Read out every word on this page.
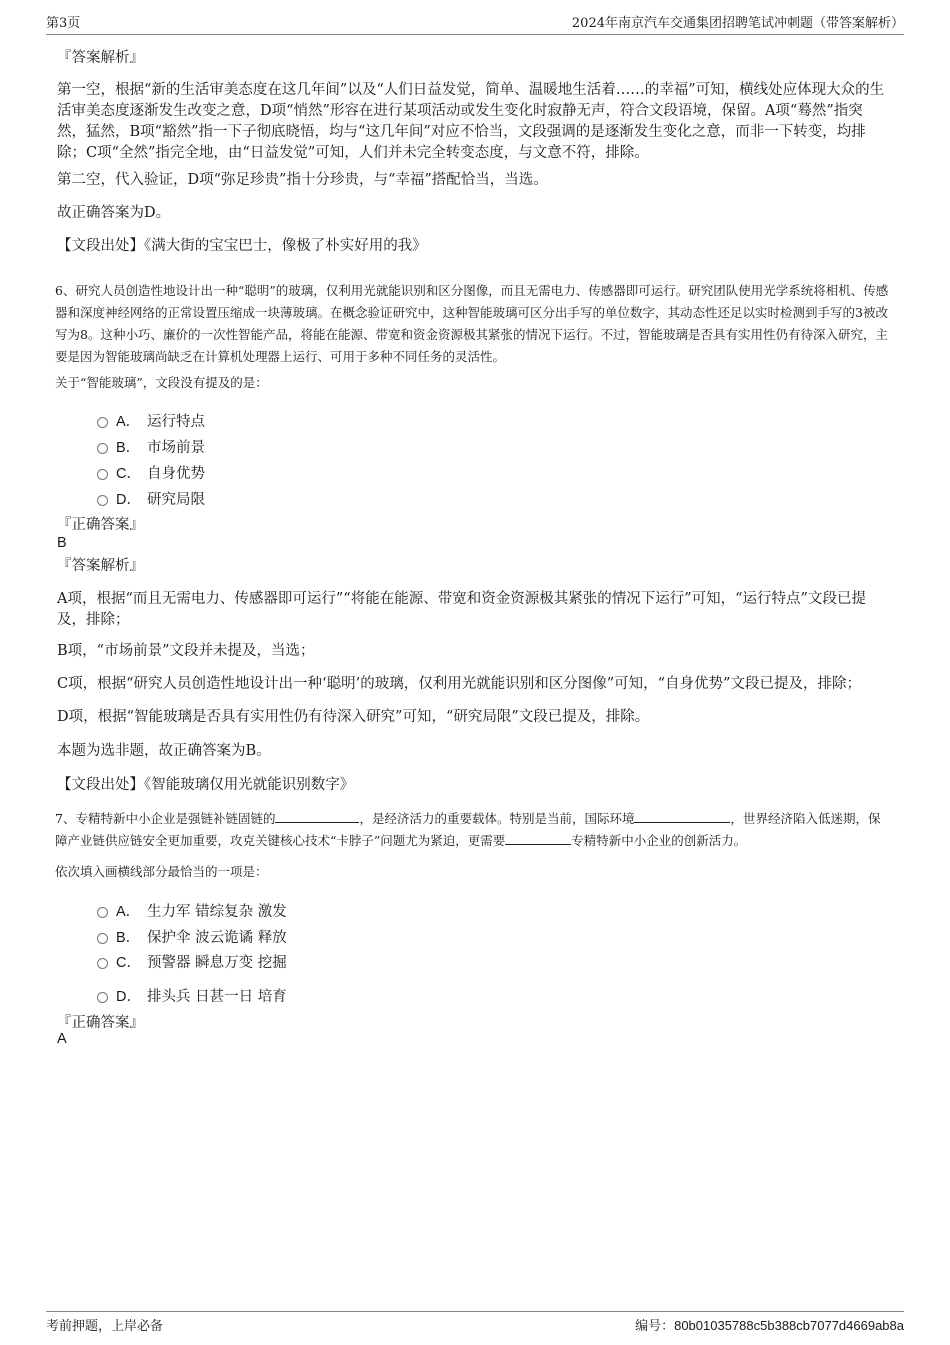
第3页	2024年南京汽车交通集团招聘笔试冲刺题（带答案解析）
『答案解析』
第一空，根据“新的生活审美态度在这几年间”以及“人们日益发觉，简单、温暖地生活着……的幸福”可知，横线处应体现大众的生活审美态度逐渐发生改变之意，D项“悄然”形容在进行某项活动或发生变化时寂静无声，符合文段语境，保留。A项“蓦然”指突然，猛然，B项“豁然”指一下子彻底晓悟，均与“这几年间”对应不恰当，文段强调的是逐渐发生变化之意，而非一下转变，均排除；C项“全然”指完全地，由“日益发觉”可知，人们并未完全转变态度，与文意不符，排除。
第二空，代入验证，D项“弥足珍贵”指十分珍贵，与“幸福”搭配恰当，当选。
故正确答案为D。
【文段出处】《满大街的宝宝巴士，像极了朴实好用的我》
6、研究人员创造性地设计出一种“聪明”的玻璃，仅利用光就能识别和区分图像，而且无需电力、传感器即可运行。研究团队使用光学系统将相机、传感器和深度神经网络的正常设置压缩成一块薄玻璃。在概念验证研究中，这种智能玻璃可区分出手写的单位数字，其动态性还足以实时检测到手写的3被改写为8。这种小巧、廉价的一次性智能产品，将能在能源、带宽和资金资源极其紧张的情况下运行。不过，智能玻璃是否具有实用性仍有待深入研究，主要是因为智能玻璃尚缺乏在计算机处理器上运行、可用于多种不同任务的灵活性。
关于“智能玻璃”，文段没有提及的是：
A． 运行特点
B． 市场前景
C． 自身优势
D． 研究局限
『正确答案』
B
『答案解析』
A项，根据“而且无需电力、传感器即可运行”“将能在能源、带宽和资金资源极其紧张的情况下运行”可知，“运行特点”文段已提及，排除；
B项，“市场前景”文段并未提及，当选；
C项，根据“研究人员创造性地设计出一种‘聪明’的玻璃，仅利用光就能识别和区分图像”可知，“自身优势”文段已提及，排除；
D项，根据“智能玻璃是否具有实用性仍有待深入研究”可知，“研究局限”文段已提及，排除。
本题为选非题，故正确答案为B。
【文段出处】《智能玻璃仅用光就能识别数字》
7、专精特新中小企业是强链补链固链的	，是经济活力的重要载体。特别是当前，国际环境	，世界经济陷入低迷期，保障产业链供应链安全更加重要，攻克关键核心技术“卡脖子”问题尤为紧迫，更需要	专精特新中小企业的创新活力。
依次填入画横线部分最恰当的一项是：
A． 生力军 错综复杂 激发
B． 保护伞 波云诡谲 释放
C． 预警器 瞬息万变 挖掘
D． 排头兵 日甚一日 培育
『正确答案』
A
考前押题，上岸必备	编号：80b01035788c5b388cb7077d4669ab8a
